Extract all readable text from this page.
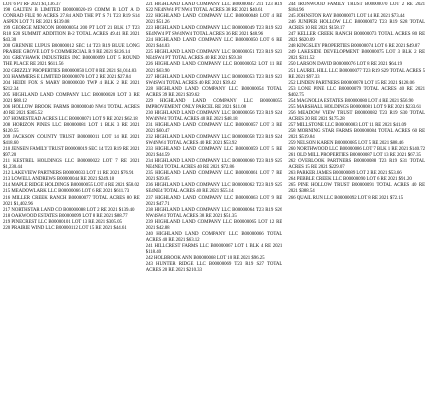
LOT 6 PT RF 2021 $1,136.37

198 GALTEN B LIMITED B00000020-19 COMM B LOT A D CONRAD FILE 90 ACRES 27.84 AND THE PT S 71 T23 R19 S14 ASPEN LOT 71 RE 2021 $139.08

199 GEORGE MENCON B00000054 200 PT LOT 21 BLK 17 T23 R18 S20 SUMMIT ADDITION B-2 TOTAL ACRES 49.41 RE 2021 $43.30

200 GRENNIE LUPUS B00000012 SEC 14 T23 R19 BLUE LONG PRAIRIE GROVE LOT 9 COMMERCIAL R 9 RE 2021 $126.14

201 GREYHAWK INDUSTRIES INC B00000099 LOT 5 ROUND THE PLACE RE 2021 $611.56

202 GRIZZLY PROPERTIES B00000050 LOT 8 RE 2021 $1,014.83

203 HAMMERS E LIMITED B00000070 LOT 2 RE 2021 $27.84

204 HEIDI FOX S MARY B00000030 TWP 4 BLK 2 RE 2021 $212.34

205 HIGHLAND LAND COMPANY LLC B00000020 LOT 3 RE 2021 $88.12

206 HOLLOW BROOK FARMS B00000040 NW4 TOTAL ACRES 40 RE 2021 $305.52

207 HOMESTEAD ACRES LLC B00000071 LOT 9 RE 2021 $62.18

208 HORIZON PINES LLC B00000081 LOT 1 BLK 3 RE 2021 $120.55

209 JACKSON COUNTY TRUST B00000011 LOT 14 RE 2021 $418.60

210 JENSEN FAMILY TRUST B00000019 SEC 14 T23 R19 RE 2021 $97.20

211 KESTREL HOLDINGS LLC B00000022 LOT 7 RE 2021 $1,230.44

212 LAKEVIEW PARTNERS B00000033 LOT 11 RE 2021 $76.91

213 LOWELL ANDREWS B00000044 RE 2021 $249.18

214 MAPLE RIDGE HOLDINGS B00000055 LOT 4 RE 2021 $58.02

215 MEADOWLARK LLC B00000066 LOT 6 RE 2021 $611.73

216 MILLER CREEK RANCH B00000077 TOTAL ACRES 80 RE 2021 $1,402.96

217 NORTHSTAR LAND CO B00000088 LOT 2 RE 2021 $139.40

218 OAKWOOD ESTATES B00000099 LOT 8 RE 2021 $88.77

219 PINECREST LLC B00000101 LOT 13 RE 2021 $305.05

220 PRAIRIE WIND LLC B00000112 LOT 15 RE 2021 $44.61

221 HIGHLAND LAND COMPANY LLC B00000047 211 T23 R19 S22 NE4NW4 PT NW4 TOTAL ACRES 38 RE 2021 $40.61

222 HIGHLAND LAND COMPANY LLC B00000048 LOT 4 RE 2021 $51.26

223 HIGHLAND LAND COMPANY LLC B00000049 T23 R19 S22 SE4NW4 PT SW4NW4 TOTAL ACRES 36 RE 2021 $48.96

224 HIGHLAND LAND COMPANY LLC B00000050 LOT 6 RE 2021 $44.03

225 HIGHLAND LAND COMPANY LLC B00000051 T23 R19 S23 NE4SW4 PT TOTAL ACRES 40 RE 2021 $59.38

226 HIGHLAND LAND COMPANY LLC B00000052 LOT 11 RE 2021 $63.90

227 HIGHLAND LAND COMPANY LLC B00000053 T23 R19 S23 SW4SW4 TOTAL ACRES 40 RE 2021 $39.42

228 HIGHLAND LAND COMPANY LLC B00000054 TOTAL ACRES 39 RE 2021 $39.62

229 HIGHLAND LAND COMPANY LLC B00000055 IMPROVEMENT ONLY PARCEL RE 2021 $11.08

230 HIGHLAND LAND COMPANY LLC B00000056 T23 R19 S24 NW4NW4 TOTAL ACRES 40 RE 2021 $48.18

231 HIGHLAND LAND COMPANY LLC B00000057 LOT 3 RE 2021 $60.47

232 HIGHLAND LAND COMPANY LLC B00000058 T23 R19 S24 SW4NW4 TOTAL ACRES 40 RE 2021 $53.92

233 HIGHLAND LAND COMPANY LLC B00000059 LOT 5 RE 2021 $44.59

234 HIGHLAND LAND COMPANY LLC B00000060 T23 R19 S25 NE4NE4 TOTAL ACRES 40 RE 2021 $72.86

235 HIGHLAND LAND COMPANY LLC B00000061 LOT 7 RE 2021 $39.05

236 HIGHLAND LAND COMPANY LLC B00000062 T23 R19 S25 SE4NE4 TOTAL ACRES 40 RE 2021 $55.14

237 HIGHLAND LAND COMPANY LLC B00000063 LOT 9 RE 2021 $47.71

238 HIGHLAND LAND COMPANY LLC B00000064 T23 R19 S26 NW4SW4 TOTAL ACRES 38 RE 2021 $51.35

239 HIGHLAND LAND COMPANY LLC B00000065 LOT 12 RE 2021 $42.88

240 HIGHLAND LAND COMPANY LLC B00000066 TOTAL ACRES 40 RE 2021 $63.12

241 HILLCREST FARMS LLC B00000067 LOT 1 BLK 4 RE 2021 $118.40

242 HOLBROOK ANN B00000068 LOT 10 RE 2021 $96.25

243 HUNTER RIDGE LLC B00000069 T23 R19 S27 TOTAL ACRES 20 RE 2021 $210.33

244 IRONWOOD FAMILY TRUST B00000070 LOT 2 RE 2021 $184.96

245 JOHNSTON RAY B00000071 LOT 14 RE 2021 $73.44

246 JUNIPER HOLLOW LLC B00000072 T23 R19 S28 TOTAL ACRES 10 RE 2021 $158.17

247 KELLER CREEK RANCH B00000073 TOTAL ACRES 80 RE 2021 $620.09

248 KINGSLEY PROPERTIES B00000074 LOT 6 RE 2021 $49.87

249 LAKESIDE DEVELOPMENT B00000075 LOT 3 BLK 2 RE 2021 $311.52

250 LARSON DAVID B00000076 LOT 8 RE 2021 $64.19

251 LAUREL HILL LLC B00000077 T23 R19 S29 TOTAL ACRES 5 RE 2021 $97.33

252 LINDEN PARTNERS B00000078 LOT 15 RE 2021 $128.06

253 LONE PINE LLC B00000079 TOTAL ACRES 40 RE 2021 $402.75

254 MAGNOLIA ESTATES B00000080 LOT 4 RE 2021 $56.90

255 MARSHALL HOLDINGS B00000081 LOT 9 RE 2021 $233.61

256 MEADOW VIEW TRUST B00000082 T23 R19 S30 TOTAL ACRES 20 RE 2021 $175.28

257 MILLSTONE LLC B00000083 LOT 11 RE 2021 $41.09

258 MORNING STAR FARMS B00000084 TOTAL ACRES 60 RE 2021 $519.84

259 NELSON KAREN B00000085 LOT 5 RE 2021 $88.46

260 NORTHWOOD LLC B00000086 LOT 7 BLK 1 RE 2021 $140.72

261 OLD MILL PROPERTIES B00000087 LOT 13 RE 2021 $67.35

262 OVERLOOK PARTNERS B00000088 T23 R19 S31 TOTAL ACRES 15 RE 2021 $229.07

263 PARKER JAMES B00000089 LOT 2 RE 2021 $53.66

264 PEBBLE CREEK LLC B00000090 LOT 6 RE 2021 $91.20

265 PINE HOLLOW TRUST B00000091 TOTAL ACRES 40 RE 2021 $388.54

266 QUAIL RUN LLC B00000092 LOT 8 RE 2021 $72.15
